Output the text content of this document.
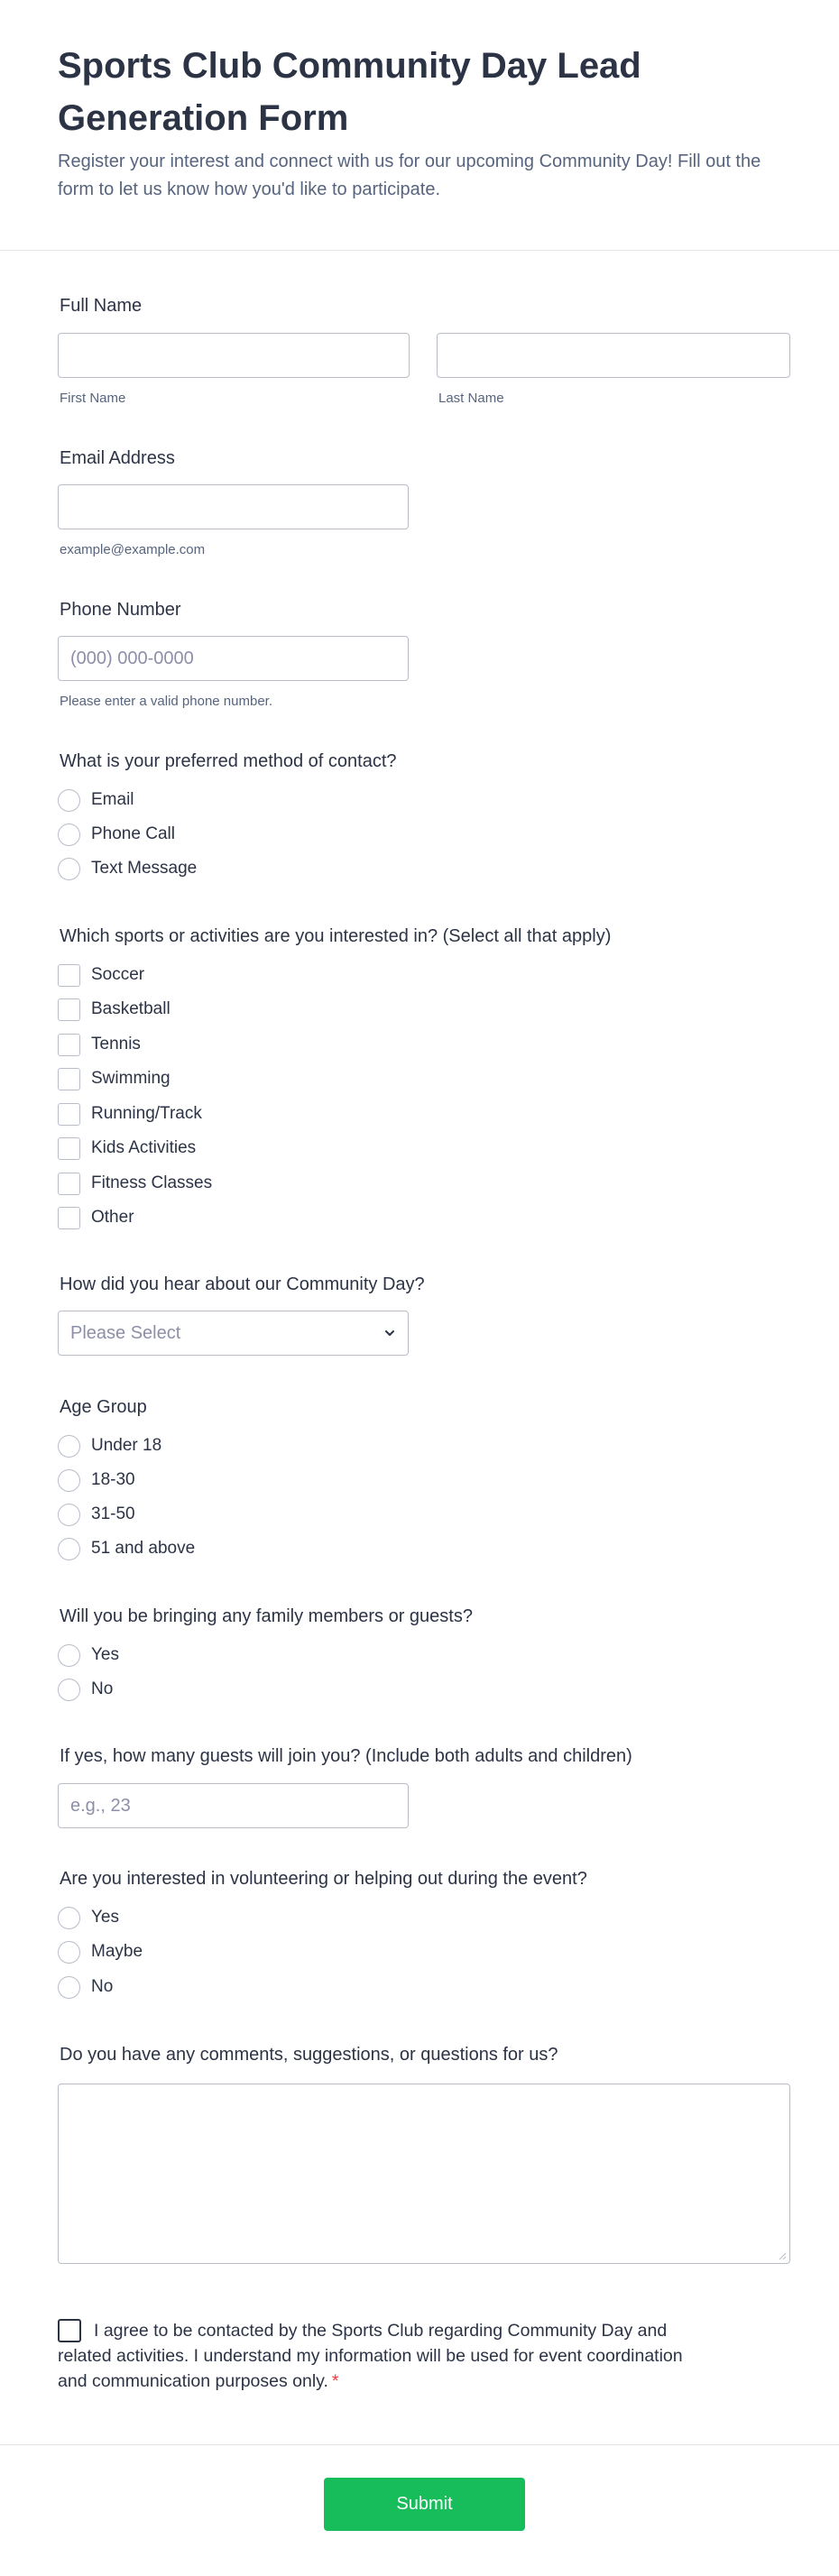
Sports Club Community Day Lead Generation Form

Register your interest and connect with us for our upcoming Community Day! Fill out the form to let us know how you'd like to participate.

Full Name
First Name	Last Name
Email Address
example@example.com
Phone Number
(000) 000-0000
Please enter a valid phone number.
What is your preferred method of contact?
Email
Phone Call
Text Message
Which sports or activities are you interested in? (Select all that apply)
Soccer
Basketball
Tennis
Swimming
Running/Track
Kids Activities
Fitness Classes
Other
How did you hear about our Community Day?
Please Select
Age Group
Under 18
18-30
31-50
51 and above
Will you be bringing any family members or guests?
Yes
No
If yes, how many guests will join you? (Include both adults and children)
e.g., 23
Are you interested in volunteering or helping out during the event?
Yes
Maybe
No
Do you have any comments, suggestions, or questions for us?
I agree to be contacted by the Sports Club regarding Community Day and related activities. I understand my information will be used for event coordination and communication purposes only. *
Submit
